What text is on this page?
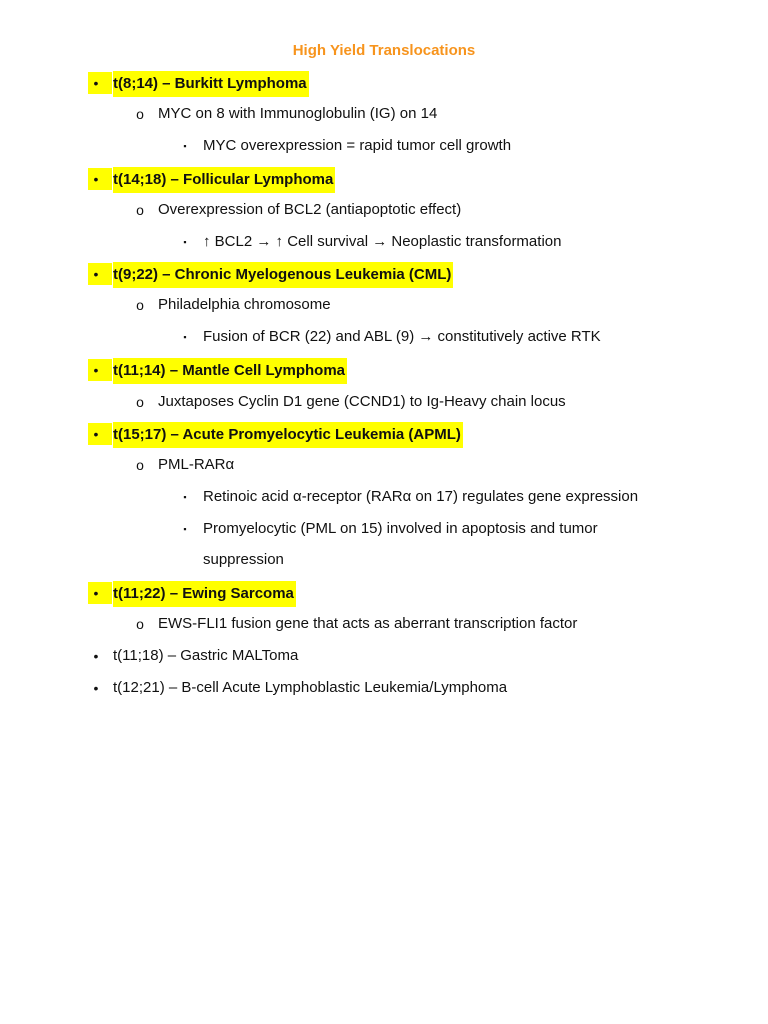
High Yield Translocations
• t(8;14) – Burkitt Lymphoma
o MYC on 8 with Immunoglobulin (IG) on 14
▪	MYC overexpression = rapid tumor cell growth
• t(14;18) – Follicular Lymphoma
o Overexpression of BCL2 (antiapoptotic effect)
▪	↑ BCL2 → ↑ Cell survival → Neoplastic transformation
• t(9;22) – Chronic Myelogenous Leukemia (CML)
o Philadelphia chromosome
▪	Fusion of BCR (22) and ABL (9) → constitutively active RTK
• t(11;14) – Mantle Cell Lymphoma
o Juxtaposes Cyclin D1 gene (CCND1) to Ig-Heavy chain locus
• t(15;17) – Acute Promyelocytic Leukemia (APML)
o PML-RARα
▪	Retinoic acid α-receptor (RARα on 17) regulates gene expression
▪	Promyelocytic (PML on 15) involved in apoptosis and tumor
suppression
• t(11;22) – Ewing Sarcoma
o EWS-FLI1 fusion gene that acts as aberrant transcription factor
• t(11;18) – Gastric MALToma
• t(12;21) – B-cell Acute Lymphoblastic Leukemia/Lymphoma
